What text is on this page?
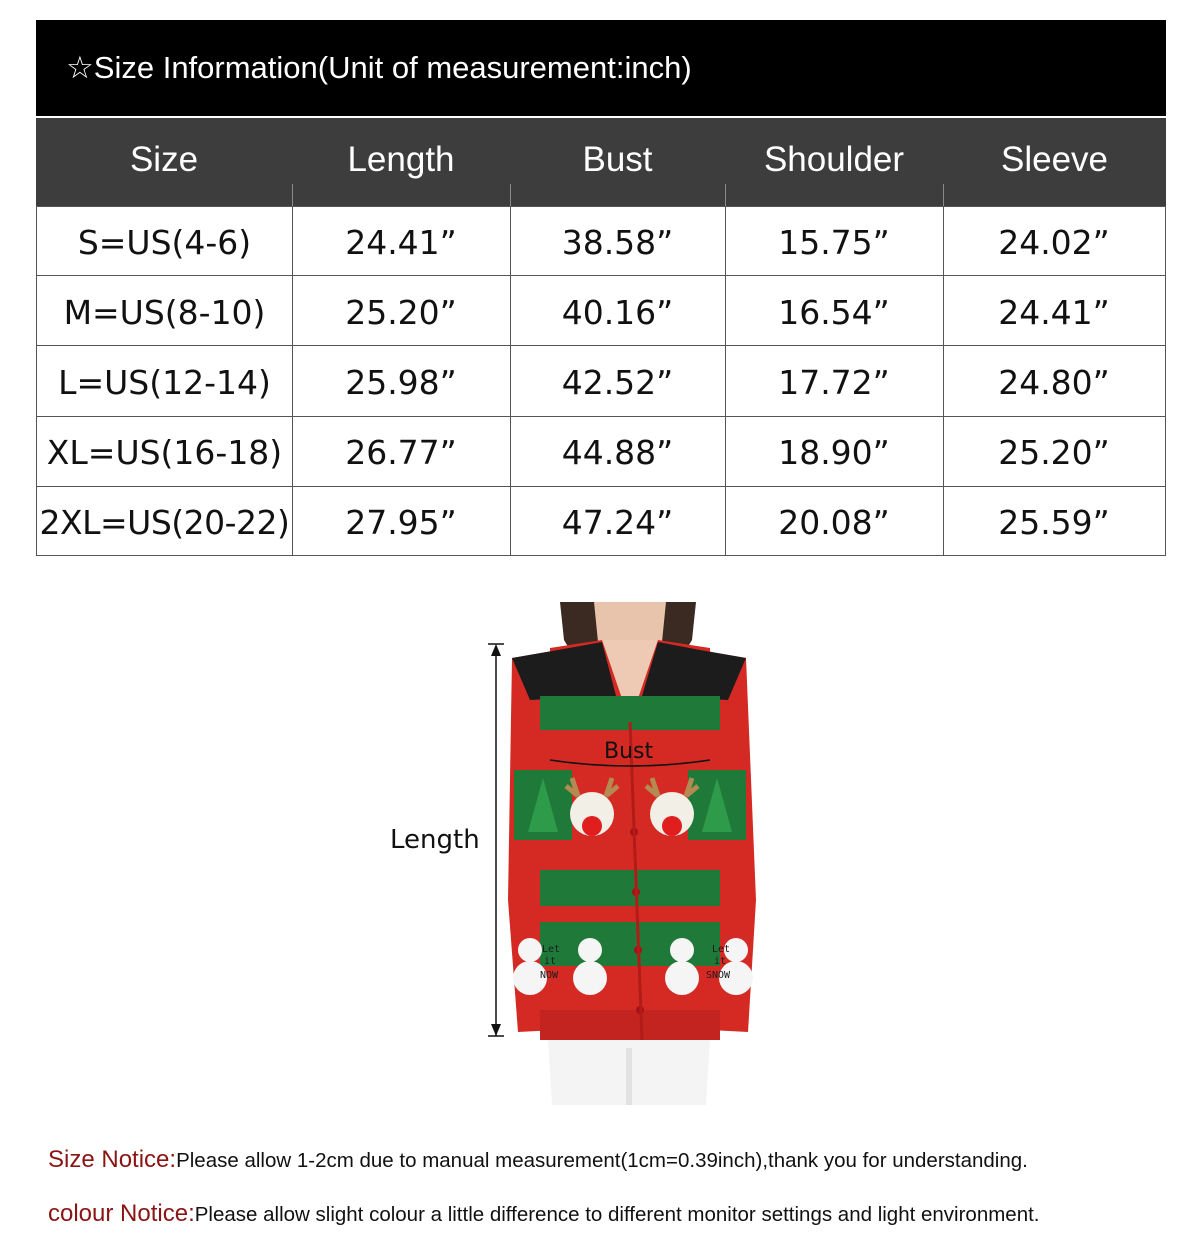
☆Size Information(Unit of measurement:inch)
Size	Length	Bust	Shoulder	Sleeve
S=US(4-6)	24.41”	38.58”	15.75”	24.02”
M=US(8-10)	25.20”	40.16”	16.54”	24.41”
L=US(12-14)	25.98”	42.52”	17.72”	24.80”
XL=US(16-18)	26.77”	44.88”	18.90”	25.20”
2XL=US(20-22)	27.95”	47.24”	20.08”	25.59”
Let
it
NOW
Let
it
SNOW
Bust
Length
Size Notice:Please allow 1-2cm due to manual measurement(1cm=0.39inch),thank you for understanding.
colour Notice:Please allow slight colour a little difference to different monitor settings and light environment.
